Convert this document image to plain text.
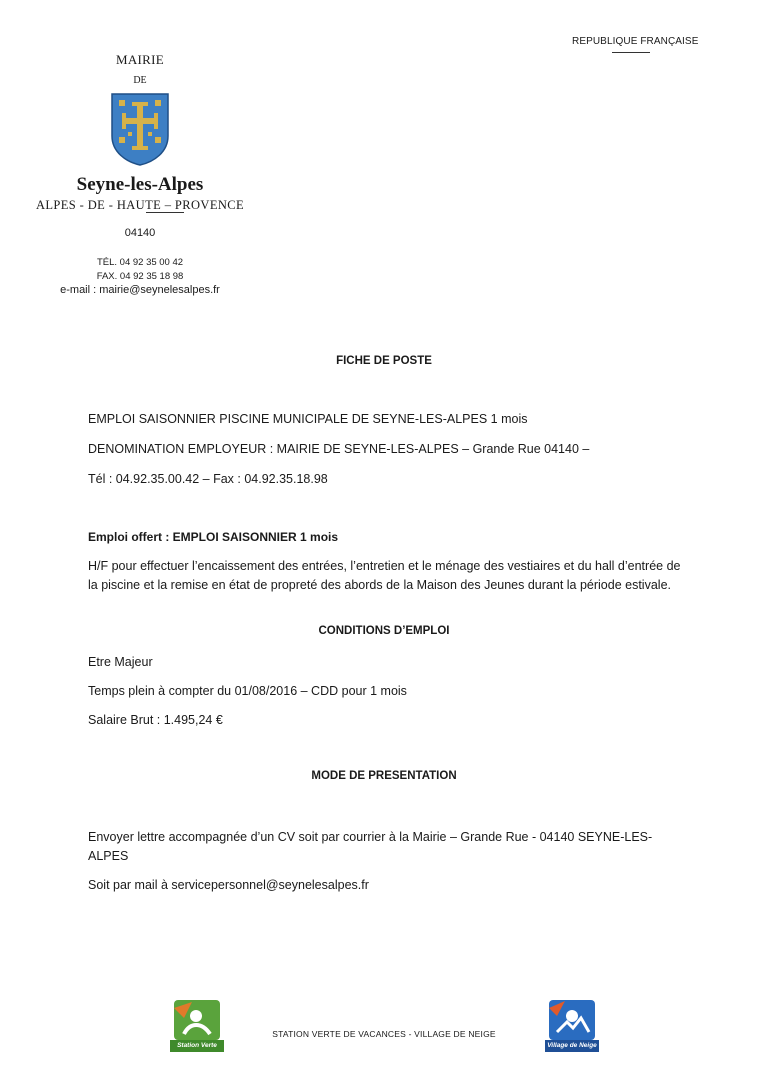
REPUBLIQUE FRANÇAISE
MAIRIE
DE
Seyne-les-Alpes
ALPES - DE - HAUTE – PROVENCE
04140
TÉL. 04 92 35 00 42
FAX. 04 92 35 18 98
e-mail : mairie@seynelesalpes.fr
FICHE DE POSTE
EMPLOI SAISONNIER PISCINE MUNICIPALE DE SEYNE-LES-ALPES 1 mois
DENOMINATION EMPLOYEUR : MAIRIE DE SEYNE-LES-ALPES – Grande Rue 04140 –
Tél : 04.92.35.00.42 – Fax : 04.92.35.18.98
Emploi offert : EMPLOI SAISONNIER 1 mois
H/F pour effectuer l’encaissement des entrées, l’entretien et le ménage des vestiaires et du hall d’entrée de la piscine et la remise en état de propreté des abords de la Maison des Jeunes durant la période estivale.
CONDITIONS D’EMPLOI
Etre Majeur
Temps plein à compter du 01/08/2016 – CDD pour 1 mois
Salaire Brut : 1.495,24 €
MODE DE PRESENTATION
Envoyer lettre accompagnée d’un CV soit par courrier à la Mairie – Grande Rue - 04140 SEYNE-LES-ALPES
Soit par mail à servicepersonnel@seynelesalpes.fr
Station Verte
STATION VERTE DE VACANCES - VILLAGE DE NEIGE
Village de Neige
